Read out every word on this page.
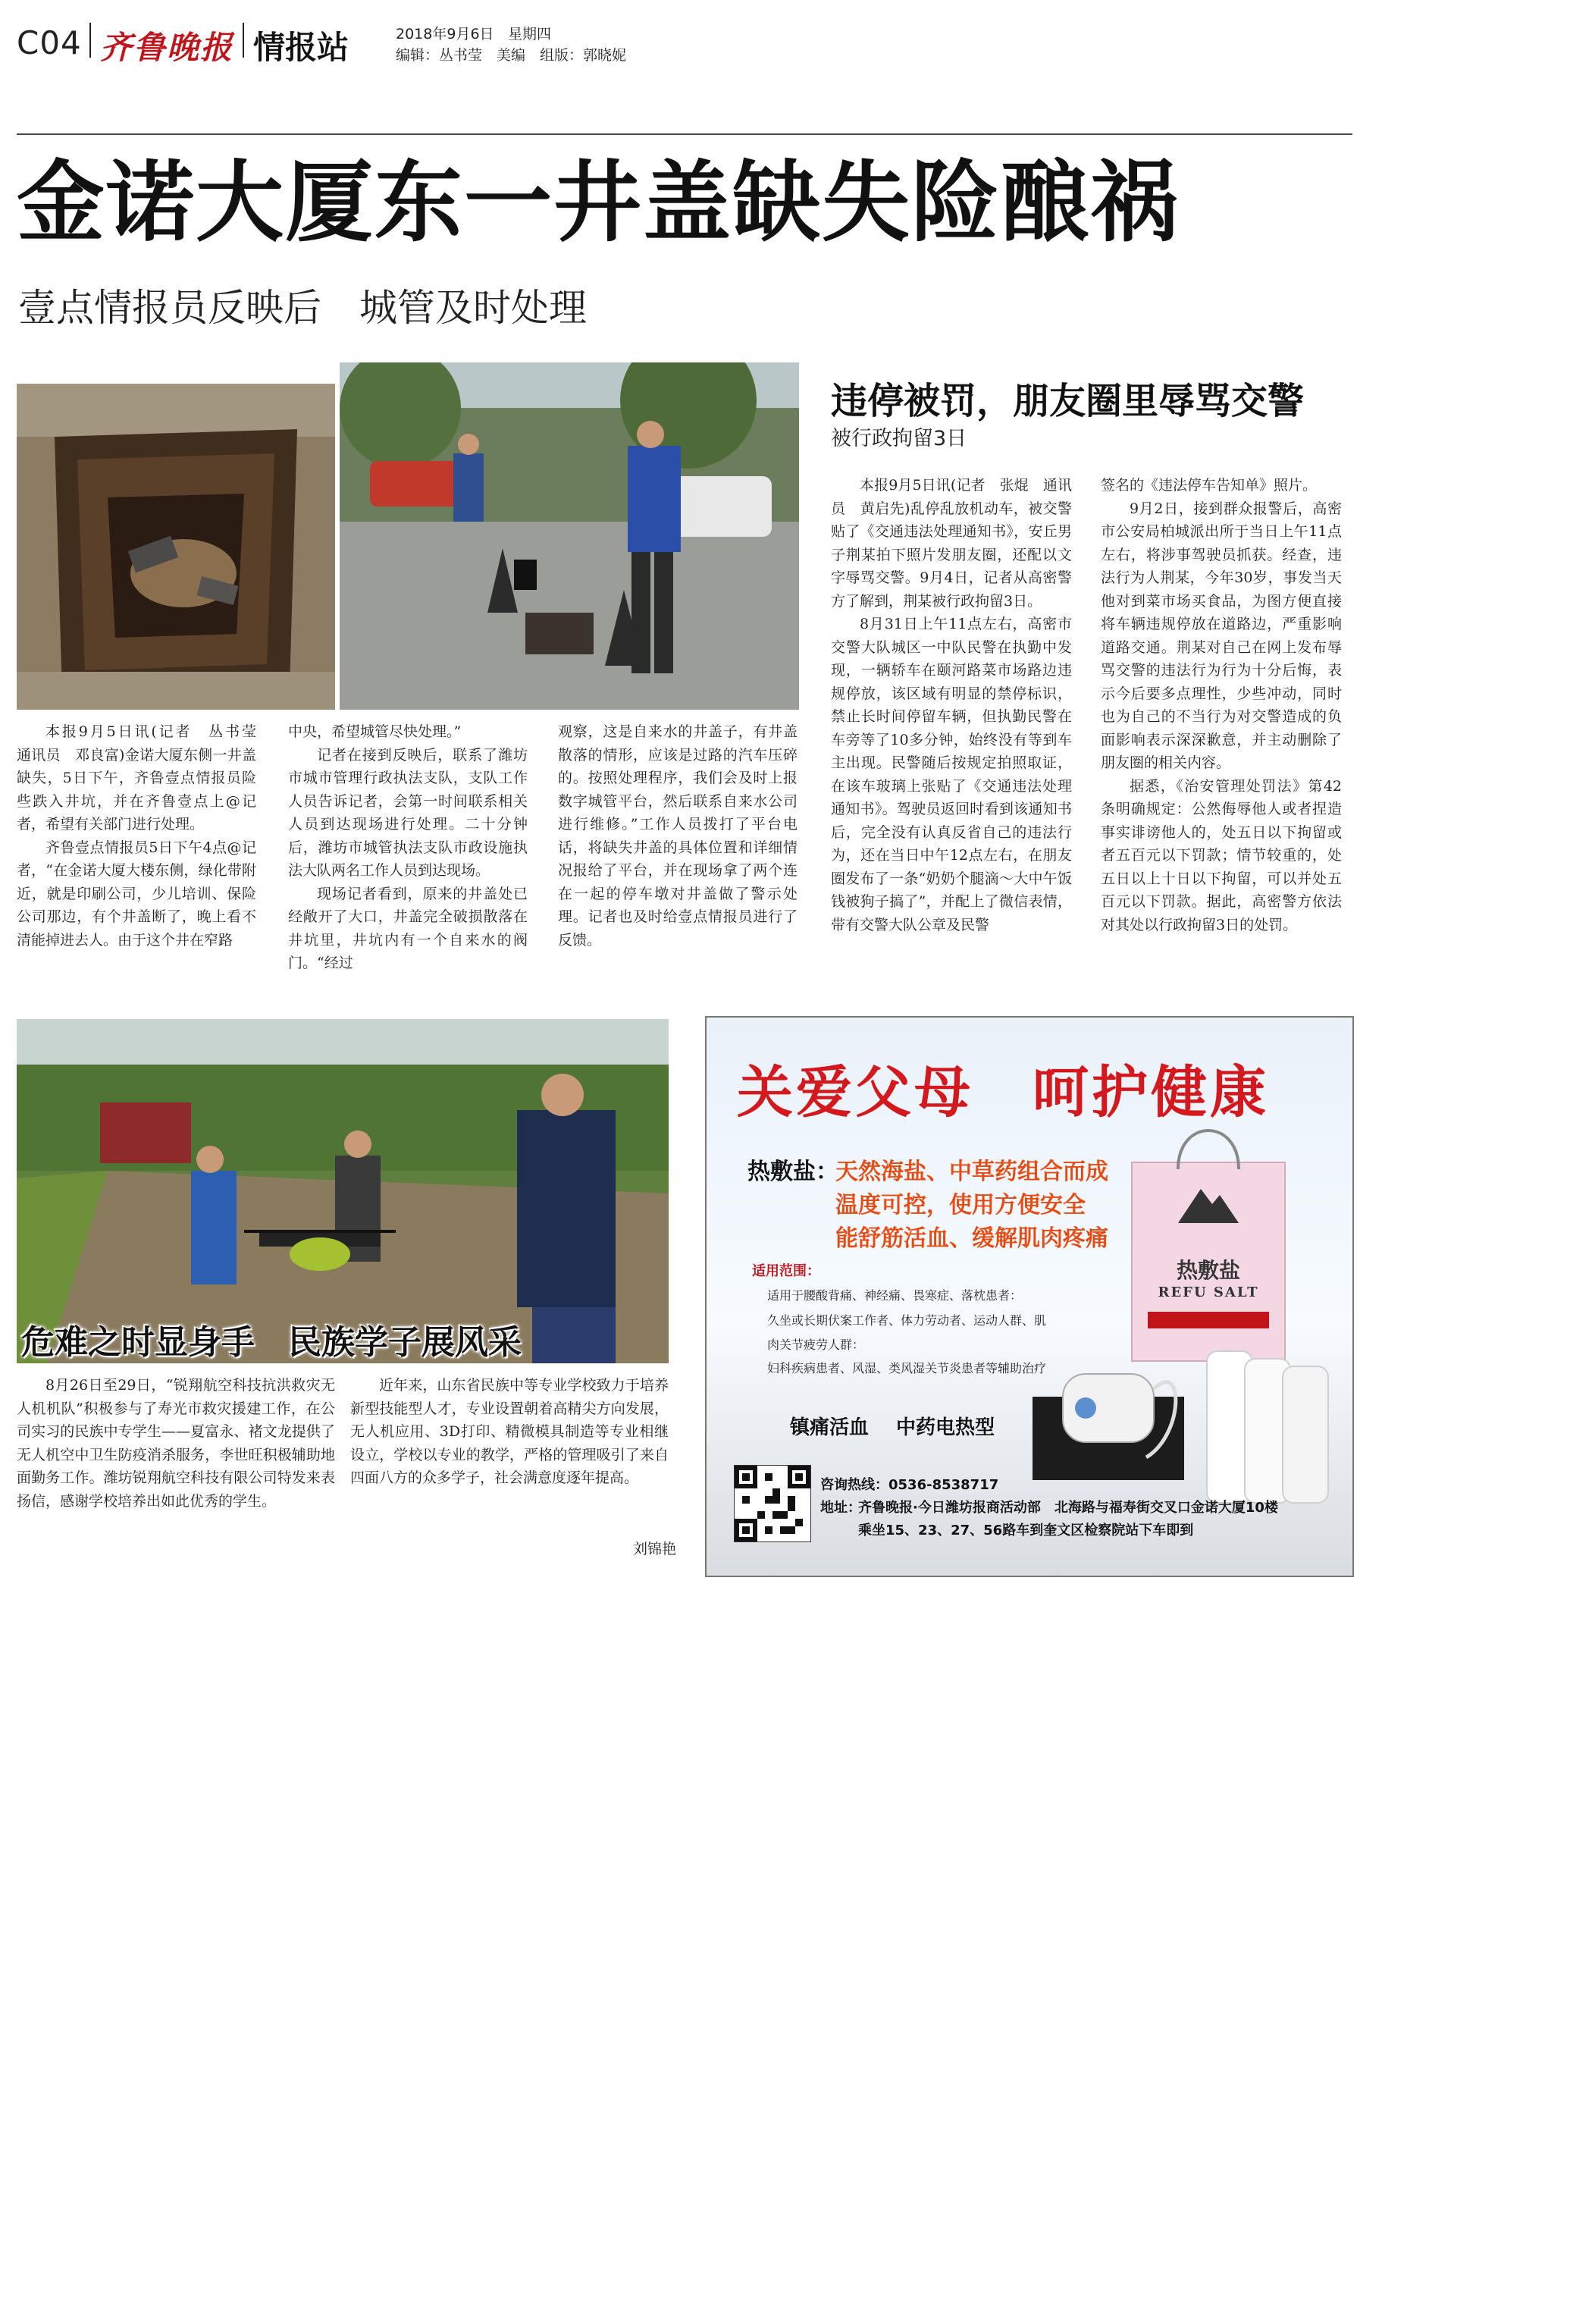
C04 齐鲁晚报 情报站	2018年9月6日 星期四
编辑：丛书莹　美编　组版：郭晓妮
金诺大厦东一井盖缺失险酿祸
壹点情报员反映后　城管及时处理

本报9月5日讯(记者　丛书莹　通讯员　邓良富)金诺大厦东侧一井盖缺失，5日下午，齐鲁壹点情报员险些跌入井坑，并在齐鲁壹点上@记者，希望有关部门进行处理。

齐鲁壹点情报员5日下午4点@记者，“在金诺大厦大楼东侧，绿化带附近，就是印刷公司，少儿培训、保险公司那边，有个井盖断了，晚上看不清能掉进去人。由于这个井在窄路

中央，希望城管尽快处理。”

记者在接到反映后，联系了潍坊市城市管理行政执法支队，支队工作人员告诉记者，会第一时间联系相关人员到达现场进行处理。二十分钟后，潍坊市城管执法支队市政设施执法大队两名工作人员到达现场。

现场记者看到，原来的井盖处已经敞开了大口，井盖完全破损散落在井坑里，井坑内有一个自来水的阀门。“经过

观察，这是自来水的井盖子，有井盖散落的情形，应该是过路的汽车压碎的。按照处理程序，我们会及时上报数字城管平台，然后联系自来水公司进行维修。”工作人员拨打了平台电话，将缺失井盖的具体位置和详细情况报给了平台，并在现场拿了两个连在一起的停车墩对井盖做了警示处理。记者也及时给壹点情报员进行了反馈。

违停被罚，朋友圈里辱骂交警
被行政拘留3日

本报9月5日讯(记者　张焜　通讯员　黄启先)乱停乱放机动车，被交警贴了《交通违法处理通知书》，安丘男子荆某拍下照片发朋友圈，还配以文字辱骂交警。9月4日，记者从高密警方了解到，荆某被行政拘留3日。

8月31日上午11点左右，高密市交警大队城区一中队民警在执勤中发现，一辆轿车在颐河路菜市场路边违规停放，该区域有明显的禁停标识，禁止长时间停留车辆，但执勤民警在车旁等了10多分钟，始终没有等到车主出现。民警随后按规定拍照取证，在该车玻璃上张贴了《交通违法处理通知书》。驾驶员返回时看到该通知书后，完全没有认真反省自己的违法行为，还在当日中午12点左右，在朋友圈发布了一条“奶奶个腿滴～大中午饭钱被狗子搞了”，并配上了微信表情，带有交警大队公章及民警

签名的《违法停车告知单》照片。

9月2日，接到群众报警后，高密市公安局柏城派出所于当日上午11点左右，将涉事驾驶员抓获。经查，违法行为人荆某，今年30岁，事发当天他对到菜市场买食品，为图方便直接将车辆违规停放在道路边，严重影响道路交通。荆某对自己在网上发布辱骂交警的违法行为行为十分后悔，表示今后要多点理性，少些冲动，同时也为自己的不当行为对交警造成的负面影响表示深深歉意，并主动删除了朋友圈的相关内容。

据悉，《治安管理处罚法》第42条明确规定：公然侮辱他人或者捏造事实诽谤他人的，处五日以下拘留或者五百元以下罚款；情节较重的，处五日以上十日以下拘留，可以并处五百元以下罚款。据此，高密警方依法对其处以行政拘留3日的处罚。

危难之时显身手　民族学子展风采

8月26日至29日，“锐翔航空科技抗洪救灾无人机机队”积极参与了寿光市救灾援建工作，在公司实习的民族中专学生——夏富永、褚文龙提供了无人机空中卫生防疫消杀服务，李世旺积极辅助地面勤务工作。潍坊锐翔航空科技有限公司特发来表扬信，感谢学校培养出如此优秀的学生。

近年来，山东省民族中等专业学校致力于培养新型技能型人才，专业设置朝着高精尖方向发展，无人机应用、3D打印、精微模具制造等专业相继设立，学校以专业的教学，严格的管理吸引了来自四面八方的众多学子，社会满意度逐年提高。

刘锦艳
关爱父母　呵护健康
热敷盐：
天然海盐、中草药组合而成
温度可控，使用方便安全
能舒筋活血、缓解肌肉疼痛
适用范围：
适用于腰酸背痛、神经痛、畏寒症、落枕患者：
久坐或长期伏案工作者、体力劳动者、运动人群、肌肉关节疲劳人群：
妇科疾病患者、风湿、类风湿关节炎患者等辅助治疗
热敷盐
REFU SALT
镇痛活血 中药电热型
咨询热线：0536-8538717
地址：
齐鲁晚报·今日潍坊报商活动部　北海路与福寿街交叉口金诺大厦10楼
乘坐15、23、27、56路车到奎文区检察院站下车即到
